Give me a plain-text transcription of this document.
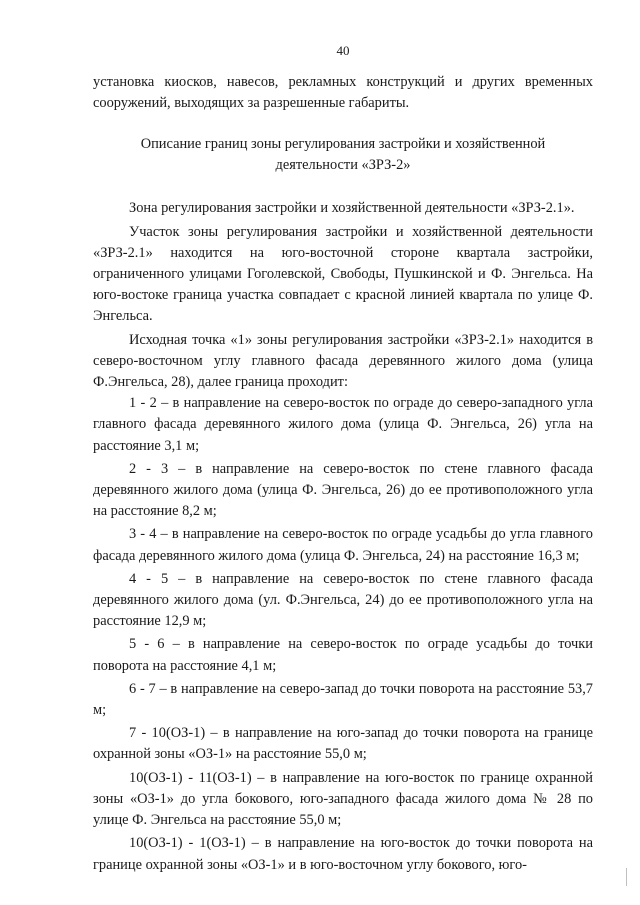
40

установка киосков, навесов, рекламных конструкций и других временных сооружений, выходящих за разрешенные габариты.

Описание границ зоны регулирования застройки и хозяйственной
деятельности «ЗРЗ-2»

Зона регулирования застройки и хозяйственной деятельности «ЗРЗ-2.1».

Участок зоны регулирования застройки и хозяйственной деятельности «ЗРЗ-2.1» находится на юго-восточной стороне квартала застройки, ограниченного улицами Гоголевской, Свободы, Пушкинской и Ф. Энгельса. На юго-востоке граница участка совпадает с красной линией квартала по улице Ф. Энгельса.

Исходная точка «1» зоны регулирования застройки «ЗРЗ-2.1» находится в северо-восточном углу главного фасада деревянного жилого дома (улица Ф.Энгельса, 28), далее граница проходит:

1 - 2 – в направление на северо-восток по ограде до северо-западного угла главного фасада деревянного жилого дома (улица Ф. Энгельса, 26) угла на расстояние 3,1 м;

2 - 3 – в направление на северо-восток по стене главного фасада деревянного жилого дома (улица Ф. Энгельса, 26) до ее противоположного угла на расстояние 8,2 м;

3 - 4 – в направление на северо-восток по ограде усадьбы до угла главного фасада деревянного жилого дома (улица Ф. Энгельса, 24) на расстояние 16,3 м;

4 - 5 – в направление на северо-восток по стене главного фасада деревянного жилого дома (ул. Ф.Энгельса, 24) до ее противоположного угла на расстояние 12,9 м;

5 - 6 – в направление на северо-восток по ограде усадьбы до точки поворота на расстояние 4,1 м;

6 - 7 – в направление на северо-запад до точки поворота на расстояние 53,7 м;

7 - 10(ОЗ-1) – в направление на юго-запад до точки поворота на границе охранной зоны «ОЗ-1» на расстояние 55,0 м;

10(ОЗ-1) - 11(ОЗ-1) – в направление на юго-восток по границе охранной зоны «ОЗ-1» до угла бокового, юго-западного фасада жилого дома № 28 по улице Ф. Энгельса на расстояние 55,0 м;

10(ОЗ-1) - 1(ОЗ-1) – в направление на юго-восток до точки поворота на границе охранной зоны «ОЗ-1» и в юго-восточном углу бокового, юго-
